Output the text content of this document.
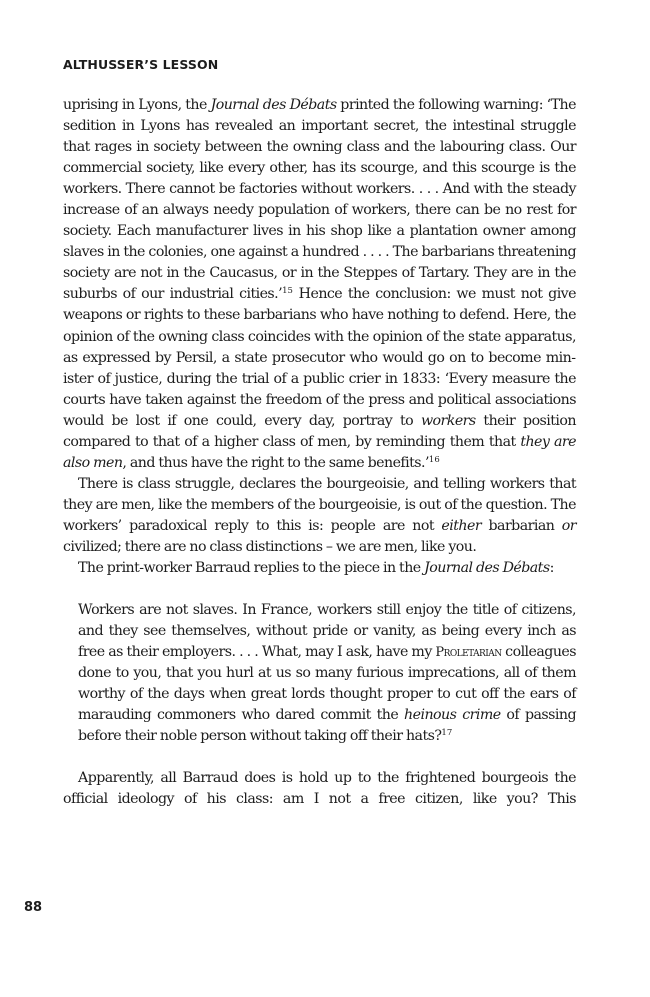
ALTHUSSER’S LESSON

uprising in Lyons, the Journal des Débats printed the following warning: ‘The sedition in Lyons has revealed an important secret, the intestinal struggle that rages in society between the owning class and the labouring class. Our commercial society, like every other, has its scourge, and this scourge is the workers. There cannot be factories without workers. . . . And with the steady increase of an always needy population of workers, there can be no rest for society. Each manufacturer lives in his shop like a plantation owner among slaves in the colonies, one against a hundred . . . . The barbarians threatening society are not in the Caucasus, or in the Steppes of Tartary. They are in the suburbs of our industrial cities.’$^{15}$ Hence the conclusion: we must not give weapons or rights to these barbarians who have nothing to defend. Here, the opinion of the owning class coincides with the opinion of the state apparatus, as expressed by Persil, a state prosecutor who would go on to become minister of justice, during the trial of a public crier in 1833: ‘Every measure the courts have taken against the freedom of the press and political associations would be lost if one could, every day, portray to workers their position compared to that of a higher class of men, by reminding them that they are also men, and thus have the right to the same benefits.’$^{16}$

There is class struggle, declares the bourgeoisie, and telling workers that they are men, like the members of the bourgeoisie, is out of the question. The workers’ paradoxical reply to this is: people are not either barbarian or civilized; there are no class distinctions – we are men, like you.

The print-worker Barraud replies to the piece in the Journal des Débats:

Workers are not slaves. In France, workers still enjoy the title of citizens, and they see themselves, without pride or vanity, as being every inch as free as their employers. . . . What, may I ask, have my Proletarian colleagues done to you, that you hurl at us so many furious imprecations, all of them worthy of the days when great lords thought proper to cut off the ears of marauding commoners who dared commit the heinous crime of passing before their noble person without taking off their hats?$^{17}$

Apparently, all Barraud does is hold up to the frightened bourgeois the official ideology of his class: am I not a free citizen, like you? This

88
